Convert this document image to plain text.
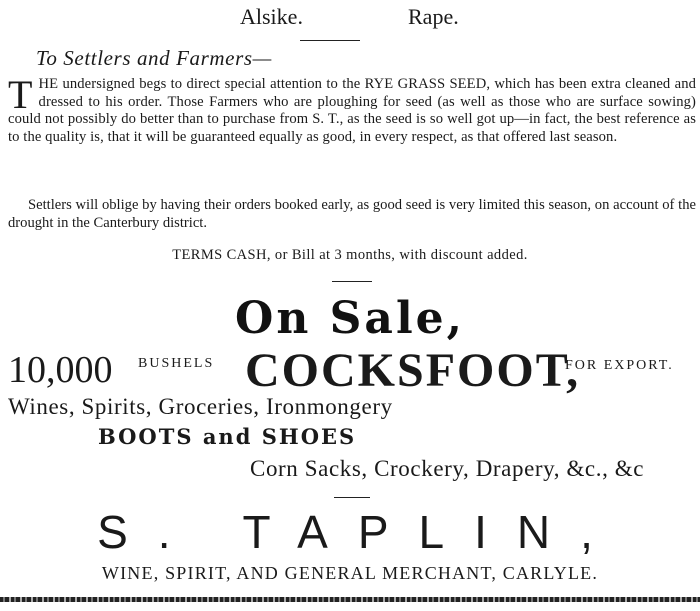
Alsike.	Rape.
To Settlers and Farmers—
T HE undersigned begs to direct special attention to the RYE GRASS SEED, which has been extra cleaned and dressed to his order. Those Farmers who are ploughing for seed (as well as those who are surface sowing) could not possibly do better than to purchase from S. T., as the seed is so well got up—in fact, the best reference as to the quality is, that it will be guaranteed equally as good, in every respect, as that offered last season.
Settlers will oblige by having their orders booked early, as good seed is very limited this season, on account of the drought in the Canterbury district.
TERMS CASH, or Bill at 3 months, with discount added.
On Sale,
10,000 BUSHELS COCKSFOOT,
FOR EXPORT.
Wines, Spirits, Groceries, Ironmongery
BOOTS and SHOES
Corn Sacks, Crockery, Drapery, &c., &c
S. TAPLIN,
WINE, SPIRIT, AND GENERAL MERCHANT, CARLYLE.
